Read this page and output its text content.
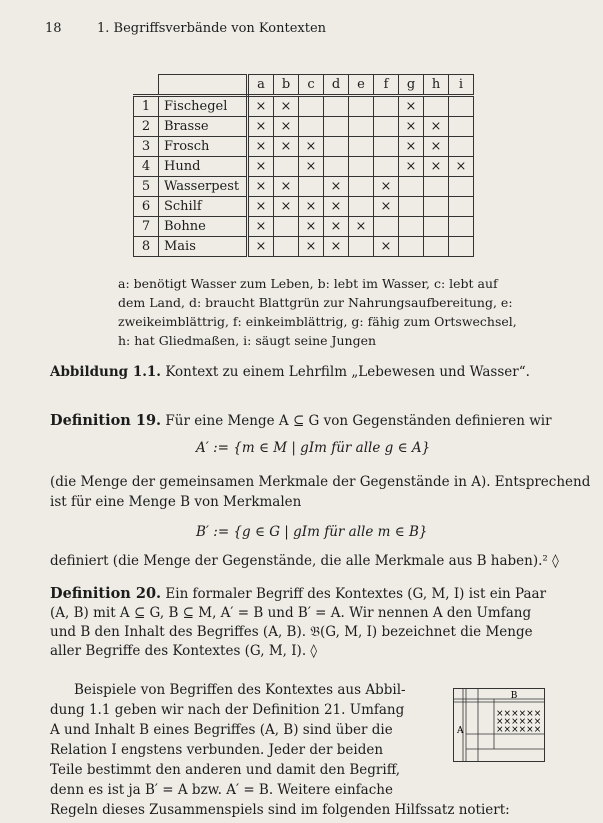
18	1. Begriffsverbände von Kontexten
		a	b	c	d	e	f	g	h	i
1	Fischegel	×	×					×		
2	Brasse	×	×					×	×	
3	Frosch	×	×	×				×	×	
4	Hund	×		×				×	×	×
5	Wasserpest	×	×		×		×			
6	Schilf	×	×	×	×		×			
7	Bohne	×		×	×	×				
8	Mais	×		×	×		×			
a: benötigt Wasser zum Leben, b: lebt im Wasser, c: lebt auf
dem Land, d: braucht Blattgrün zur Nahrungsaufbereitung, e:
zweikeimblättrig, f: einkeimblättrig, g: fähig zum Ortswechsel,
h: hat Gliedmaßen, i: säugt seine Jungen
Abbildung 1.1. Kontext zu einem Lehrfilm „Lebewesen und Wasser“.
Definition 19. Für eine Menge A ⊆ G von Gegenständen definieren wir
A′ := {m ∈ M | gIm für alle g ∈ A}
(die Menge der gemeinsamen Merkmale der Gegenstände in A). Entsprechend
ist für eine Menge B von Merkmalen
B′ := {g ∈ G | gIm für alle m ∈ B}
definiert (die Menge der Gegenstände, die alle Merkmale aus B haben).² ◊
Definition 20. Ein formaler Begriff des Kontextes (G, M, I) ist ein Paar
(A, B) mit A ⊆ G, B ⊆ M, A′ = B und B′ = A. Wir nennen A den Umfang
und B den Inhalt des Begriffes (A, B). 𝔅(G, M, I) bezeichnet die Menge
aller Begriffe des Kontextes (G, M, I). ◊
Beispiele von Begriffen des Kontextes aus Abbil-
dung 1.1 geben wir nach der Definition 21. Umfang
A und Inhalt B eines Begriffes (A, B) sind über die
Relation I engstens verbunden. Jeder der beiden
Teile bestimmt den anderen und damit den Begriff,
denn es ist ja B′ = A bzw. A′ = B. Weitere einfache
Regeln dieses Zusammenspiels sind im folgenden Hilfssatz notiert:
B
A
××××××
××××××
××××××
